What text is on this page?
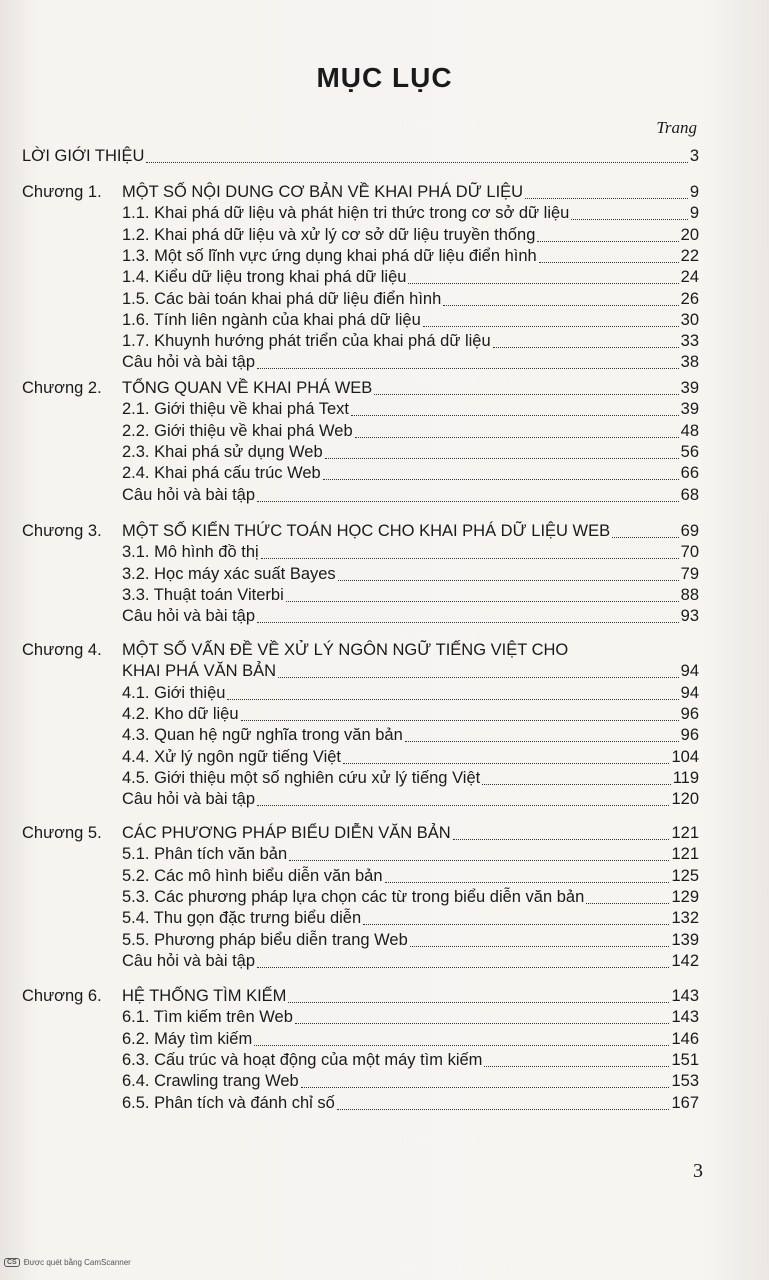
MỤC LỤC
Trang
LỜI GIỚI THIỆU	3
Chương 1. MỘT SỐ NỘI DUNG CƠ BẢN VỀ KHAI PHÁ DỮ LIỆU	9
1.1. Khai phá dữ liệu và phát hiện tri thức trong cơ sở dữ liệu	9
1.2. Khai phá dữ liệu và xử lý cơ sở dữ liệu truyền thống	20
1.3. Một số lĩnh vực ứng dụng khai phá dữ liệu điển hình	22
1.4. Kiểu dữ liệu trong khai phá dữ liệu	24
1.5. Các bài toán khai phá dữ liệu điển hình	26
1.6. Tính liên ngành của khai phá dữ liệu	30
1.7. Khuynh hướng phát triển của khai phá dữ liệu	33
Câu hỏi và bài tập	38
Chương 2. TỔNG QUAN VỀ KHAI PHÁ WEB	39
2.1. Giới thiệu về khai phá Text	39
2.2. Giới thiệu về khai phá Web	48
2.3. Khai phá sử dụng Web	56
2.4. Khai phá cấu trúc Web	66
Câu hỏi và bài tập	68
Chương 3. MỘT SỐ KIẾN THỨC TOÁN HỌC CHO KHAI PHÁ DỮ LIỆU WEB	69
3.1. Mô hình đồ thị	70
3.2. Học máy xác suất Bayes	79
3.3. Thuật toán Viterbi	88
Câu hỏi và bài tập	93
Chương 4. MỘT SỐ VẤN ĐỀ VỀ XỬ LÝ NGÔN NGỮ TIẾNG VIỆT CHO
KHAI PHÁ VĂN BẢN	94
4.1. Giới thiệu	94
4.2. Kho dữ liệu	96
4.3. Quan hệ ngữ nghĩa trong văn bản	96
4.4. Xử lý ngôn ngữ tiếng Việt	104
4.5. Giới thiệu một số nghiên cứu xử lý tiếng Việt	119
Câu hỏi và bài tập	120
Chương 5. CÁC PHƯƠNG PHÁP BIỂU DIỄN VĂN BẢN	121
5.1. Phân tích văn bản	121
5.2. Các mô hình biểu diễn văn bản	125
5.3. Các phương pháp lựa chọn các từ trong biểu diễn văn bản	129
5.4. Thu gọn đặc trưng biểu diễn	132
5.5. Phương pháp biểu diễn trang Web	139
Câu hỏi và bài tập	142
Chương 6. HỆ THỐNG TÌM KIẾM	143
6.1. Tìm kiếm trên Web	143
6.2. Máy tìm kiếm	146
6.3. Cấu trúc và hoạt động của một máy tìm kiếm	151
6.4. Crawling trang Web	153
6.5. Phân tích và đánh chỉ số	167
3
CS Được quét bằng CamScanner
